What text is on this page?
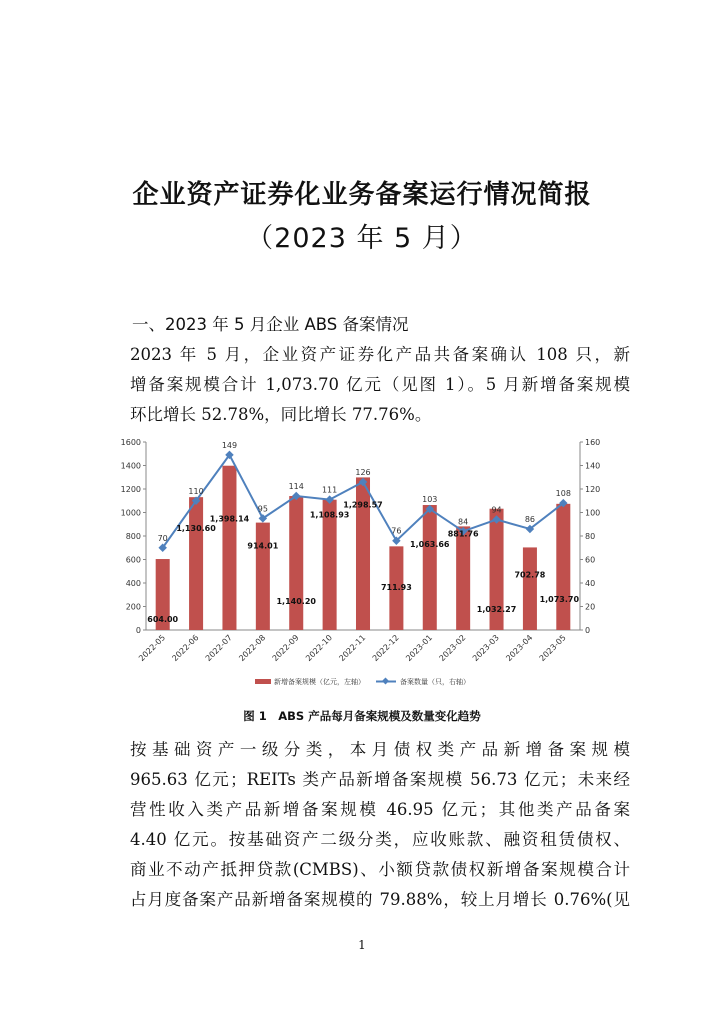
企业资产证券化业务备案运行情况简报
（2023 年 5 月）
一、2023 年 5 月企业 ABS 备案情况
2023 年 5 月，企业资产证券化产品共备案确认 108 只，新
增备案规模合计 1,073.70 亿元（见图 1）。5 月新增备案规模
环比增长 52.78%，同比增长 77.76%。
0
200
400
600
800
1000
1200
1400
1600
0
20
40
60
80
100
120
140
160
70
110
149
95
114 111
126
76
103
84
94
86
108
604.00
1,130.60
1,398.14
914.01
1,140.20
1,108.93
1,298.57
711.93
1,063.66
881.76
1,032.27
702.78
1,073.70
2022-05 2022-06 2022-07 2022-08 2022-09 2022-10 2022-11 2022-12 2023-01 2023-02 2023-03 2023-04 2023-05
新增备案规模（亿元，左轴）	备案数量（只，右轴）
图 1　ABS 产品每月备案规模及数量变化趋势
按基础资产一级分类，本月债权类产品新增备案规模
965.63 亿元；REITs 类产品新增备案规模 56.73 亿元；未来经
营性收入类产品新增备案规模 46.95 亿元；其他类产品备案
4.40 亿元。按基础资产二级分类，应收账款、融资租赁债权、
商业不动产抵押贷款(CMBS)、小额贷款债权新增备案规模合计
占月度备案产品新增备案规模的 79.88%，较上月增长 0.76%(见
1
